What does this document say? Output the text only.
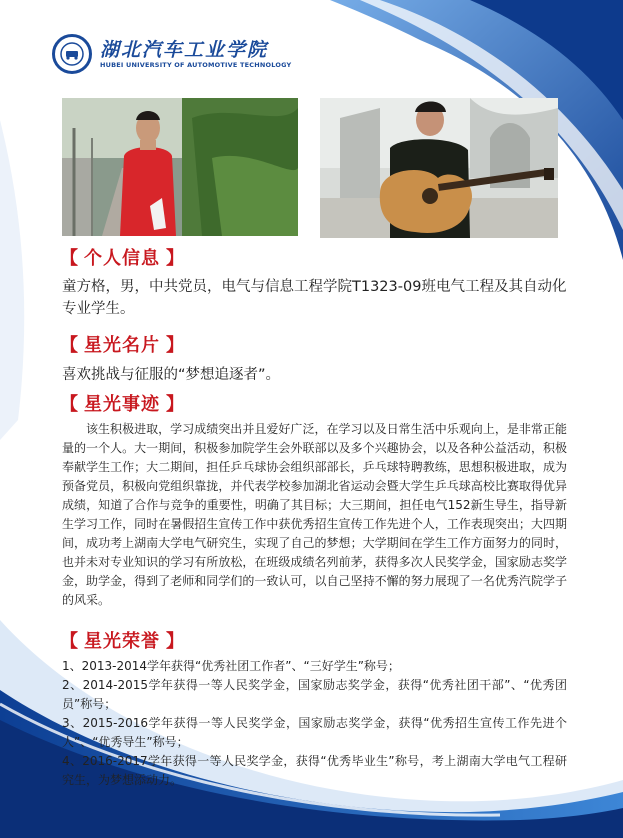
湖北汽车工业学院
HUBEI UNIVERSITY OF AUTOMOTIVE TECHNOLOGY
【 个人信息 】
童方格，男，中共党员，电气与信息工程学院T1323-09班电气工程及其自动化专业学生。
【 星光名片 】
喜欢挑战与征服的“梦想追逐者”。
【 星光事迹 】
该生积极进取，学习成绩突出并且爱好广泛，在学习以及日常生活中乐观向上，是非常正能量的一个人。大一期间，积极参加院学生会外联部以及多个兴趣协会，以及各种公益活动，积极奉献学生工作；大二期间，担任乒乓球协会组织部部长，乒乓球特聘教练，思想积极进取，成为预备党员，积极向党组织靠拢，并代表学校参加湖北省运动会暨大学生乒乓球高校比赛取得优异成绩，知道了合作与竞争的重要性，明确了其目标；大三期间，担任电气152新生导生，指导新生学习工作，同时在暑假招生宣传工作中获优秀招生宣传工作先进个人，工作表现突出；大四期间，成功考上湖南大学电气研究生，实现了自己的梦想；大学期间在学生工作方面努力的同时，也并未对专业知识的学习有所放松，在班级成绩名列前茅，获得多次人民奖学金，国家励志奖学金，助学金，得到了老师和同学们的一致认可，以自己坚持不懈的努力展现了一名优秀汽院学子的风采。
【 星光荣誉 】
1、2013-2014学年获得“优秀社团工作者”、“三好学生”称号；
2、2014-2015学年获得一等人民奖学金，国家励志奖学金，获得“优秀社团干部”、“优秀团员”称号；
3、2015-2016学年获得一等人民奖学金，国家励志奖学金，获得“优秀招生宣传工作先进个人”、“优秀导生”称号；
4、2016-2017学年获得一等人民奖学金，获得“优秀毕业生”称号，考上湖南大学电气工程研究生，为梦想添动力。
